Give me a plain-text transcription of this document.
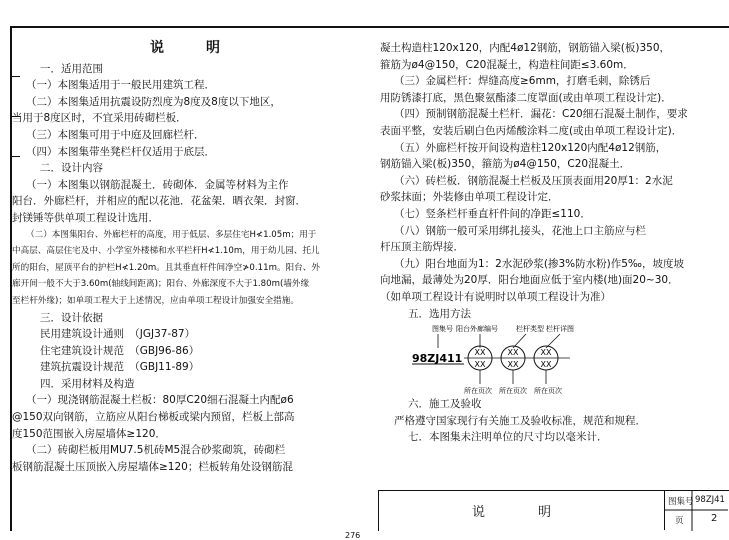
说　明

一．适用范围

（一）本图集适用于一般民用建筑工程．

（二）本图集适用抗震设防烈度为8度及8度以下地区，

当用于8度区时，不宜采用砖砌栏板．

（三）本图集可用于中庭及回廊栏杆．

（四）本图集带坐凳栏杆仅适用于底层．

二．设计内容

（一）本图集以钢筋混凝土．砖砌体．金属等材料为主作

阳台．外廊栏杆，并相应的配以花池．花盆架．晒衣架．封窗．

封镁锤等供单项工程设计选用．

（二）本图集阳台、外廊栏杆的高度，用于低层、多层住宅H≮1.05m；用于

中高层、高层住宅及中、小学室外楼梯和水平栏杆H≮1.10m，用于幼儿园、托儿

所的阳台，屋顶平台的护栏H≮1.20m。且其垂直杆件间净空≯0.11m。阳台、外

廊开间一般不大于3.60m(轴线间距离)；阳台、外廊深度不大于1.80m(墙外缘

至栏杆外缘)；如单项工程大于上述情况，应由单项工程设计加强安全措施。

三．设计依据

民用建筑设计通则　（JGJ37-87）

住宅建筑设计规范　（GBJ96-86）

建筑抗震设计规范　（GBJ11-89）

四．采用材料及构造

（一）现浇钢筋混凝土栏板：80厚C20细石混凝土内配ø6

@150双向钢筋，立筋应从阳台梯板或梁内预留，栏板上部高

度150范围嵌入房屋墙体≥120．

（二）砖砌栏板用MU7.5机砖M5混合砂浆砌筑，砖砌栏

板钢筋混凝土压顶嵌入房屋墙体≥120；栏板转角处设钢筋混

凝土构造柱120x120，内配4ø12钢筋，钢筋锚入梁(板)350，

箍筋为ø4@150，C20混凝土，构造柱间距≤3.60m．

（三）金属栏杆：焊缝高度≥6mm，打磨毛刺，除锈后

用防锈漆打底，黑色聚氨酯漆二度罩面(或由单项工程设计定)．

（四）预制钢筋混凝土栏杆．漏花：C20细石混凝土制作，要求

表面平整，安装后刷白色丙烯酸涂料二度(或由单项工程设计定)．

（五）外廊栏杆按开间设构造柱120x120内配4ø12钢筋，

钢筋锚入梁(板)350，箍筋为ø4@150，C20混凝土．

（六）砖栏板．钢筋混凝土栏板及压顶表面用20厚1：2水泥

砂浆抹面；外装修由单项工程设计定．

（七）竖条栏杆垂直杆件间的净距≤110．

（八）钢筋一般可采用绑扎接头，花池上口主筋应与栏

杆压顶主筋焊接．

（九）阳台地面为1：2水泥砂浆(掺3%防水粉)作5‰，坡度坡

向地漏，最薄处为20厚．阳台地面应低于室内楼(地)面20~30．

（如单项工程设计有说明时以单项工程设计为准）

五．选用方法

图集号 阳台外廊编号	栏杆类型 栏杆详图
98ZJ411 XX
XX
XX
XX
XX
XX
所在页次 所在页次 所在页次

六．施工及验收

严格遵守国家现行有关施工及验收标准，规范和规程．

七．本图集未注明单位的尺寸均以毫米计．

说　明
图集号 98ZJ41
页	2
276
